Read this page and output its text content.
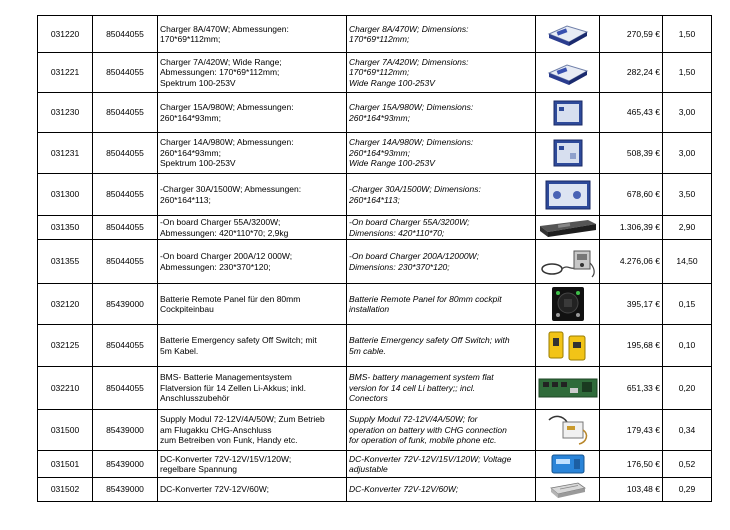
031220	85044055	Charger 8A/470W; Abmessungen:
170*69*112mm;	Charger 8A/470W; Dimensions:
170*69*112mm;		270,59 €	1,50
031221	85044055	Charger 7A/420W; Wide Range;
Abmessungen: 170*69*112mm;
Spektrum 100-253V	Charger 7A/420W; Dimensions:
170*69*112mm;
Wide Range 100-253V		282,24 €	1,50
031230	85044055	Charger 15A/980W; Abmessungen:
260*164*93mm;	Charger 15A/980W; Dimensions:
260*164*93mm;		465,43 €	3,00
031231	85044055	Charger 14A/980W; Abmessungen:
260*164*93mm;
Spektrum 100-253V	Charger 14A/980W; Dimensions:
260*164*93mm;
Wide Range 100-253V		508,39 €	3,00
031300	85044055	-Charger 30A/1500W; Abmessungen:
260*164*113;	-Charger 30A/1500W; Dimensions:
260*164*113;		678,60 €	3,50
031350	85044055	-On board Charger 55A/3200W;
Abmessungen: 420*110*70; 2,9kg	-On board Charger 55A/3200W;
Dimensions: 420*110*70;		1.306,39 €	2,90
031355	85044055	-On board Charger 200A/12 000W;
Abmessungen: 230*370*120;	-On board Charger 200A/12000W;
Dimensions: 230*370*120;		4.276,06 €	14,50
032120	85439000	Batterie Remote Panel für den 80mm
Cockpiteinbau	Batterie Remote Panel for 80mm cockpit
installation		395,17 €	0,15
032125	85044055	Batterie Emergency safety Off Switch; mit
5m Kabel.	Batterie Emergency safety Off Switch; with
5m cable.		195,68 €	0,10
032210	85044055	BMS- Batterie Managementsystem
Flatversion für 14 Zellen Li-Akkus; inkl.
Anschlusszubehör	BMS- battery management system flat
version for 14 cell Li battery;; incl.
Conectors		651,33 €	0,20
031500	85439000	Supply Modul 72-12V/4A/50W; Zum Betrieb
am Flugakku CHG-Anschluss
zum Betreiben von Funk, Handy etc.	Supply Modul 72-12V/4A/50W; for
operation on battery with CHG connection
for operation of funk, mobile phone etc.		179,43 €	0,34
031501	85439000	DC-Konverter 72V-12V/15V/120W;
regelbare Spannung	DC-Konverter 72V-12V/15V/120W; Voltage
adjustable		176,50 €	0,52
031502	85439000	DC-Konverter 72V-12V/60W;	DC-Konverter 72V-12V/60W;		103,48 €	0,29
